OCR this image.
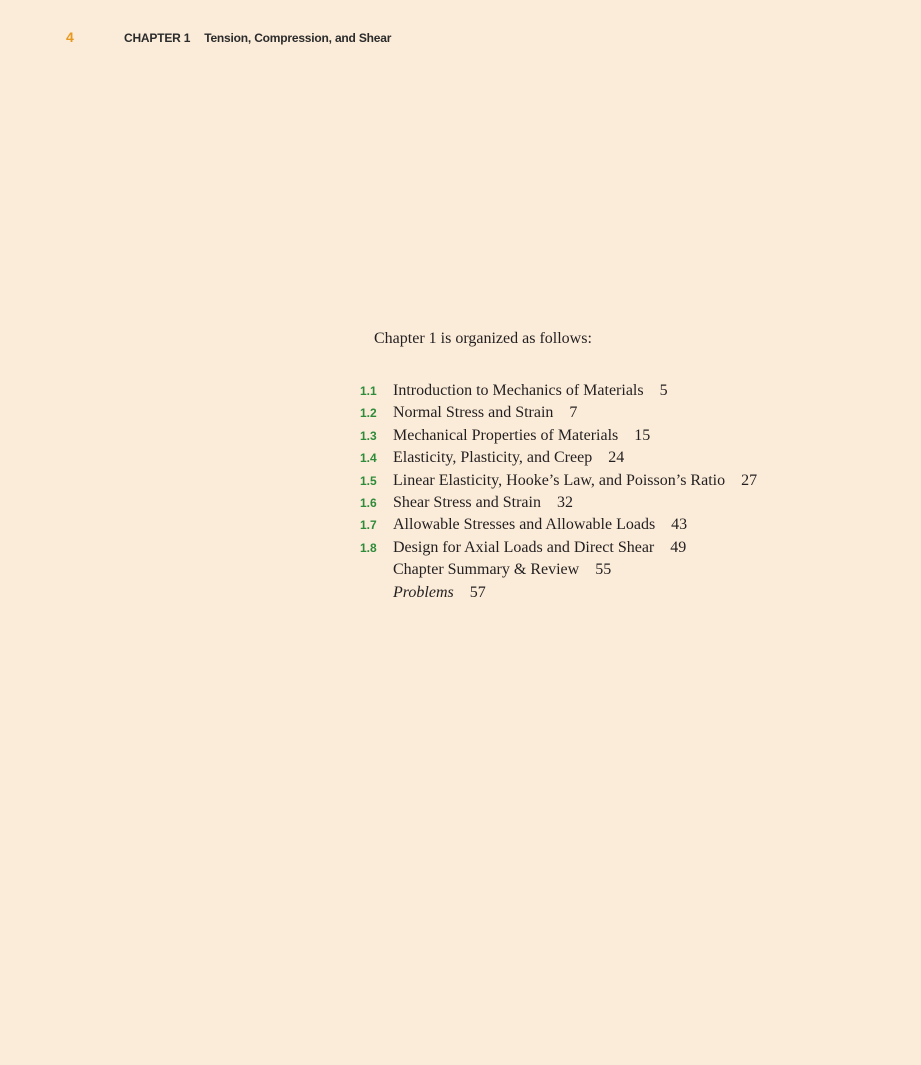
4	CHAPTER 1 Tension, Compression, and Shear
Chapter 1 is organized as follows:
1.1	Introduction to Mechanics of Materials 5
1.2	Normal Stress and Strain 7
1.3	Mechanical Properties of Materials 15
1.4	Elasticity, Plasticity, and Creep 24
1.5	Linear Elasticity, Hooke’s Law, and Poisson’s Ratio 27
1.6	Shear Stress and Strain 32
1.7	Allowable Stresses and Allowable Loads 43
1.8	Design for Axial Loads and Direct Shear 49
Chapter Summary & Review 55
Problems 57
